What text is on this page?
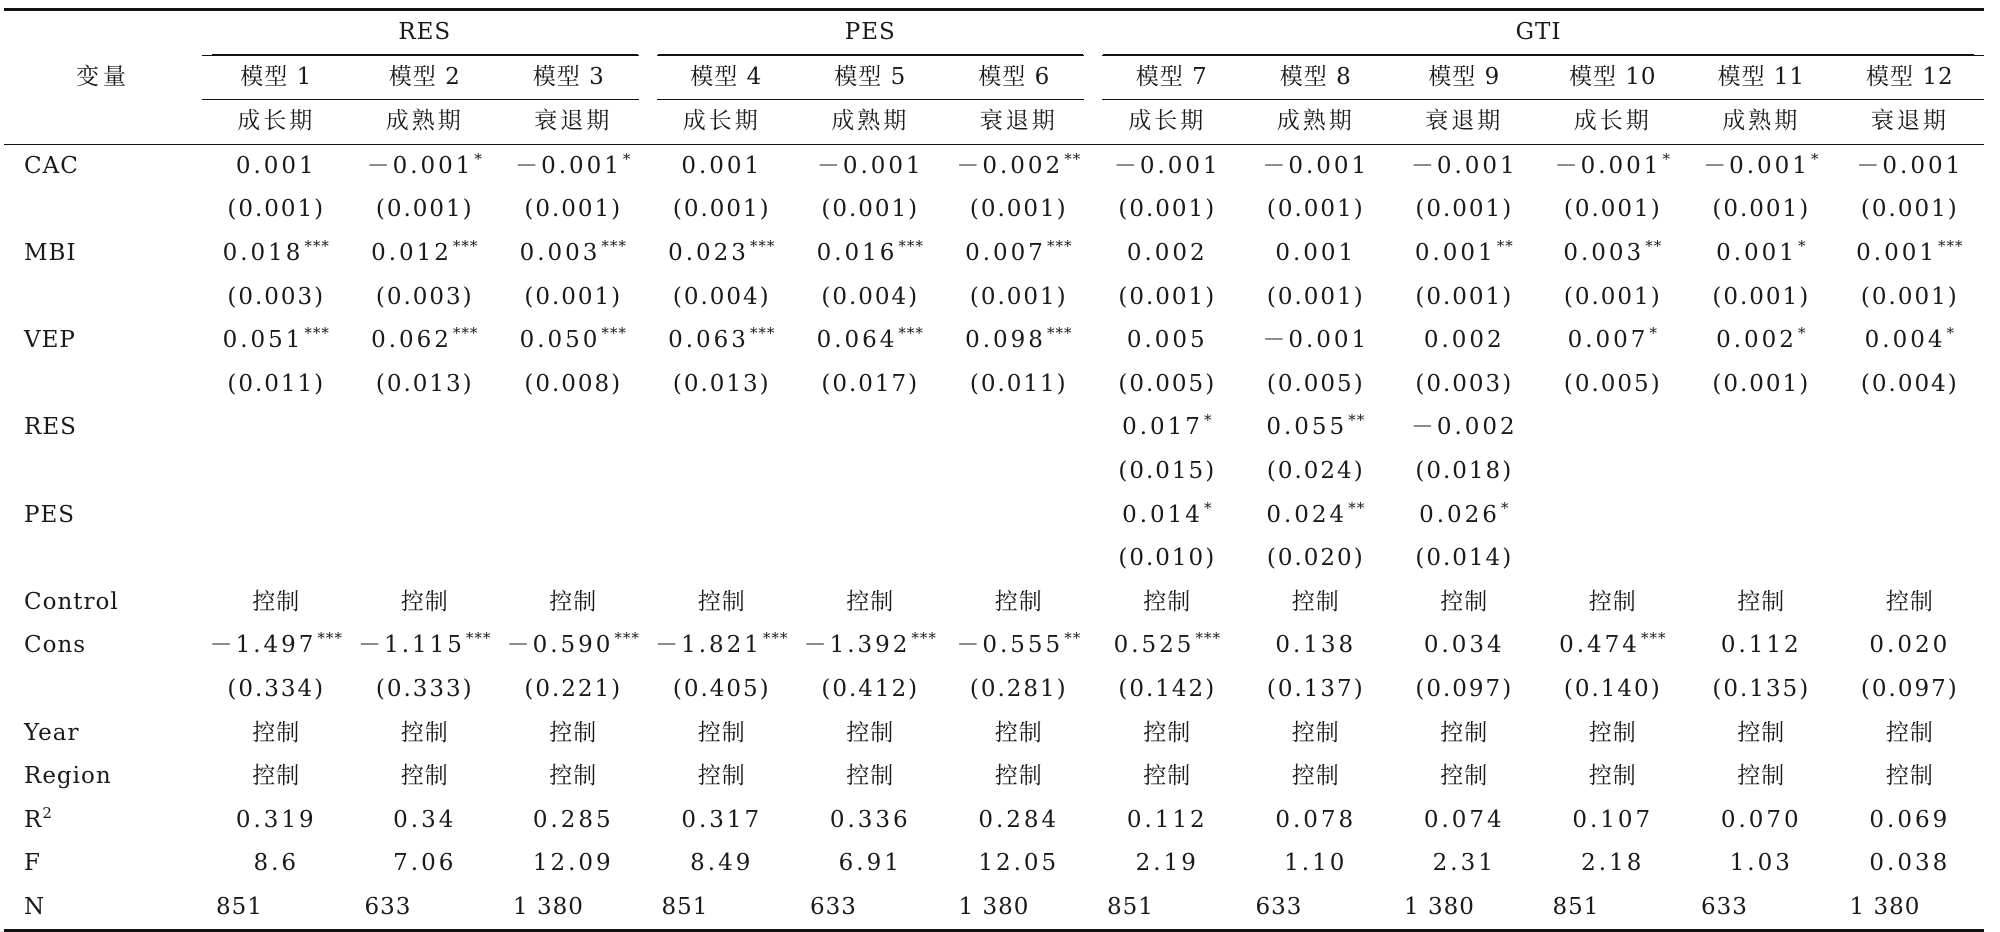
变量	RES			PES			GTI					

	模型 1	模型 2	模型 3	模型 4	模型 5	模型 6	模型 7	模型 8	模型 9	模型 10	模型 11	模型 12
	成长期	成熟期	衰退期	成长期	成熟期	衰退期	成长期	成熟期	衰退期	成长期	成熟期	衰退期
CAC	0.001	－0.001*	－0.001*	0.001	－0.001	－0.002**	－0.001	－0.001	－0.001	－0.001*	－0.001*	－0.001
	(0.001)	(0.001)	(0.001)	(0.001)	(0.001)	(0.001)	(0.001)	(0.001)	(0.001)	(0.001)	(0.001)	(0.001)
MBI	0.018***	0.012***	0.003***	0.023***	0.016***	0.007***	0.002	0.001	0.001**	0.003**	0.001*	0.001***
	(0.003)	(0.003)	(0.001)	(0.004)	(0.004)	(0.001)	(0.001)	(0.001)	(0.001)	(0.001)	(0.001)	(0.001)
VEP	0.051***	0.062***	0.050***	0.063***	0.064***	0.098***	0.005	－0.001	0.002	0.007*	0.002*	0.004*
	(0.011)	(0.013)	(0.008)	(0.013)	(0.017)	(0.011)	(0.005)	(0.005)	(0.003)	(0.005)	(0.001)	(0.004)
RES							0.017*	0.055**	－0.002			
							(0.015)	(0.024)	(0.018)			
PES							0.014*	0.024**	0.026*			
							(0.010)	(0.020)	(0.014)			
Control	控制	控制	控制	控制	控制	控制	控制	控制	控制	控制	控制	控制
Cons	－1.497***	－1.115***	－0.590***	－1.821***	－1.392***	－0.555**	0.525***	0.138	0.034	0.474***	0.112	0.020
	(0.334)	(0.333)	(0.221)	(0.405)	(0.412)	(0.281)	(0.142)	(0.137)	(0.097)	(0.140)	(0.135)	(0.097)
Year	控制	控制	控制	控制	控制	控制	控制	控制	控制	控制	控制	控制
Region	控制	控制	控制	控制	控制	控制	控制	控制	控制	控制	控制	控制
$R^2$	0.319	0.34	0.285	0.317	0.336	0.284	0.112	0.078	0.074	0.107	0.070	0.069
F	8.6	7.06	12.09	8.49	6.91	12.05	2.19	1.10	2.31	2.18	1.03	0.038
N	851	633	1 380	851	633	1 380	851	633	1 380	851	633	1 380
